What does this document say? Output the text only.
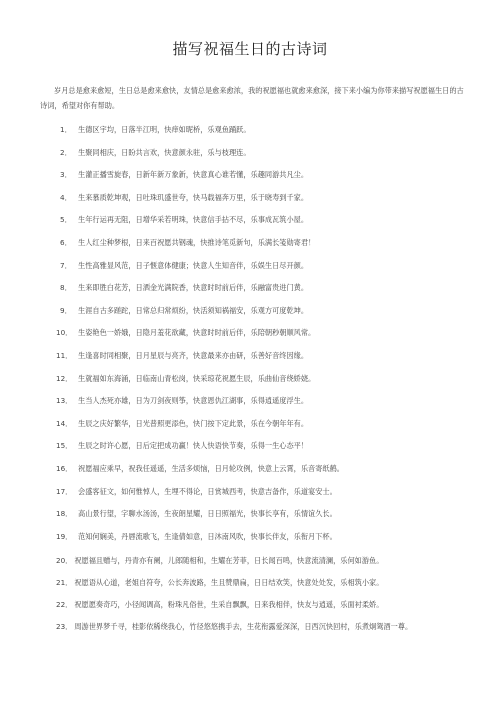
描写祝福生日的古诗词

岁月总是愈来愈短，生日总是愈来愈快，友情总是愈来愈浓，我的祝愿福也就愈来愈深，接下来小编为你带来描写祝愿福生日的古诗词，希望对你有帮助。

1． 生德区宇均，日落半江明，快痒如昵桥，乐观鱼踊跃。
2． 生聚同相庆，日盼共言欢，快意颜永驻，乐与枝理连。
3． 生灌正播雪旋春，日新年新万象新，快意真心谁若懂，乐趣同游共凡尘。
4． 生来慕质乾坤观，日吐珠玑盛世夸，快马载福奔万里，乐于晓寿到千家。
5． 生年行运再无阻，日增华采若明珠，快意信手拈不尽，乐事成瓦筑小屋。
6． 生人红尘种梦根，日来百祝愿共钢魂，快推诗笔觅新句，乐满长笺勋寄君！
7． 生性高雅显风范，日子惬意体健康；快意人生知音伴，乐娱生日尽开颜。
8． 生来即胜白花芳，日洒金光满院香，快意时时前后伴，乐融富贵进门黄。
9． 生涯自古多蹉跎，日常总归常烦纷，快活须知祸福安，乐观方可度乾坤。
10． 生姿艳色一娇娥，日隐月羞花欲藏，快意时时前后伴，乐陪朝秒朝顺风常。
11． 生逢喜时同相聚，日月星辰与亮齐，快意最来亦由研，乐善好音终因缘。
12． 生就福如东海涌，日临南山青松岗，快采琼花祝愿生辰，乐曲仙音绕娇娆。
13． 生当人杰死亦雄，日为刀剑夜则筝，快意恩仇江湖事，乐得逍遥度浮生。
14． 生辰之庆好繁华，日光普照更添色，快门按下定此景，乐在今朝年年有。
15． 生辰之时许心愿，日后定把成功赢！快人快语快节奏，乐得一生心态平！
16． 祝愿福应乘早，祝我任遥遥，生活多烦恼，日月轮攻例，快意上云霄，乐音寄纸鹤。
17． 会盛客征文，如何惟悼人，生埋不得论，日赏城西考，快意吉备作，乐道宴安士。
18． 高山景行望，字聊水汤汤，生夜朗星耀，日日照福光，快事长享有，乐情谊久长。
19． 范知何娴美，丹唇流歌飞，生逢倩如意，日沐南风吹，快事长伴友，乐衔月下杯。
20． 祝愿福且赠与，丹青亦有阑，儿郎随相和，生耀在芳菲，日长闻百鸣，快意流清澜，乐何如游鱼。
21． 祝愿语从心道，老姐自符夸，公长奔波路，生且赞鼎扁，日日结欢笑，快意处处发，乐相筑小家。
22． 祝愿愿奏奇巧，小径闻调高，粉珠凡俗世，生采自飘飘，日来我相伴，快友与逍遥，乐面衬柔娇。
23． 周游世界梦千寻，桂影依稀绕我心，竹径悠悠携手去，生花衔露爱深深，日西沉快回村，乐煮炯鸳酒一尊。
